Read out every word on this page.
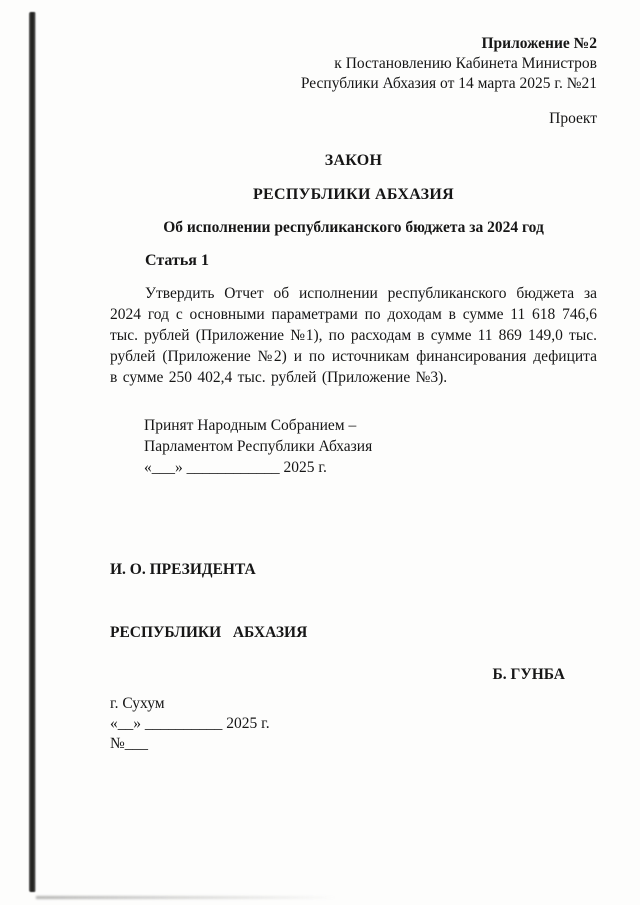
Приложение №2
к Постановлению Кабинета Министров
Республики Абхазия от 14 марта 2025 г. №21
Проект
ЗАКОН
РЕСПУБЛИКИ АБХАЗИЯ
Об исполнении республиканского бюджета за 2024 год
Статья 1
Утвердить Отчет об исполнении республиканского бюджета за 2024 год с основными параметрами по доходам в сумме 11 618 746,6 тыс. рублей (Приложение №1), по расходам в сумме 11 869 149,0 тыс. рублей (Приложение №2) и по источникам финансирования дефицита в сумме 250 402,4 тыс. рублей (Приложение №3).
Принят Народным Собранием –
Парламентом Республики Абхазия
«___» ____________ 2025 г.

И. О. ПРЕЗИДЕНТА

РЕСПУБЛИКИ   АБХАЗИЯ

Б. ГУНБА
г. Сухум
«__» __________ 2025 г.
№___
